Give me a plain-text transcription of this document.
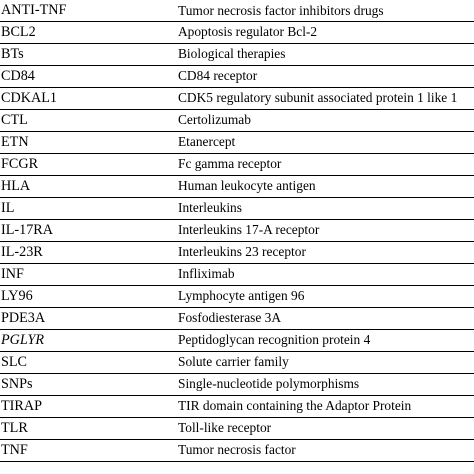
ANTI-TNF	Tumor necrosis factor inhibitors drugs
BCL2	Apoptosis regulator Bcl-2
BTs	Biological therapies
CD84	CD84 receptor
CDKAL1	CDK5 regulatory subunit associated protein 1 like 1
CTL	Certolizumab
ETN	Etanercept
FCGR	Fc gamma receptor
HLA	Human leukocyte antigen
IL	Interleukins
IL-17RA	Interleukins 17-A receptor
IL-23R	Interleukins 23 receptor
INF	Infliximab
LY96	Lymphocyte antigen 96
PDE3A	Fosfodiesterase 3A
PGLYR	Peptidoglycan recognition protein 4
SLC	Solute carrier family
SNPs	Single-nucleotide polymorphisms
TIRAP	TIR domain containing the Adaptor Protein
TLR	Toll-like receptor
TNF	Tumor necrosis factor
